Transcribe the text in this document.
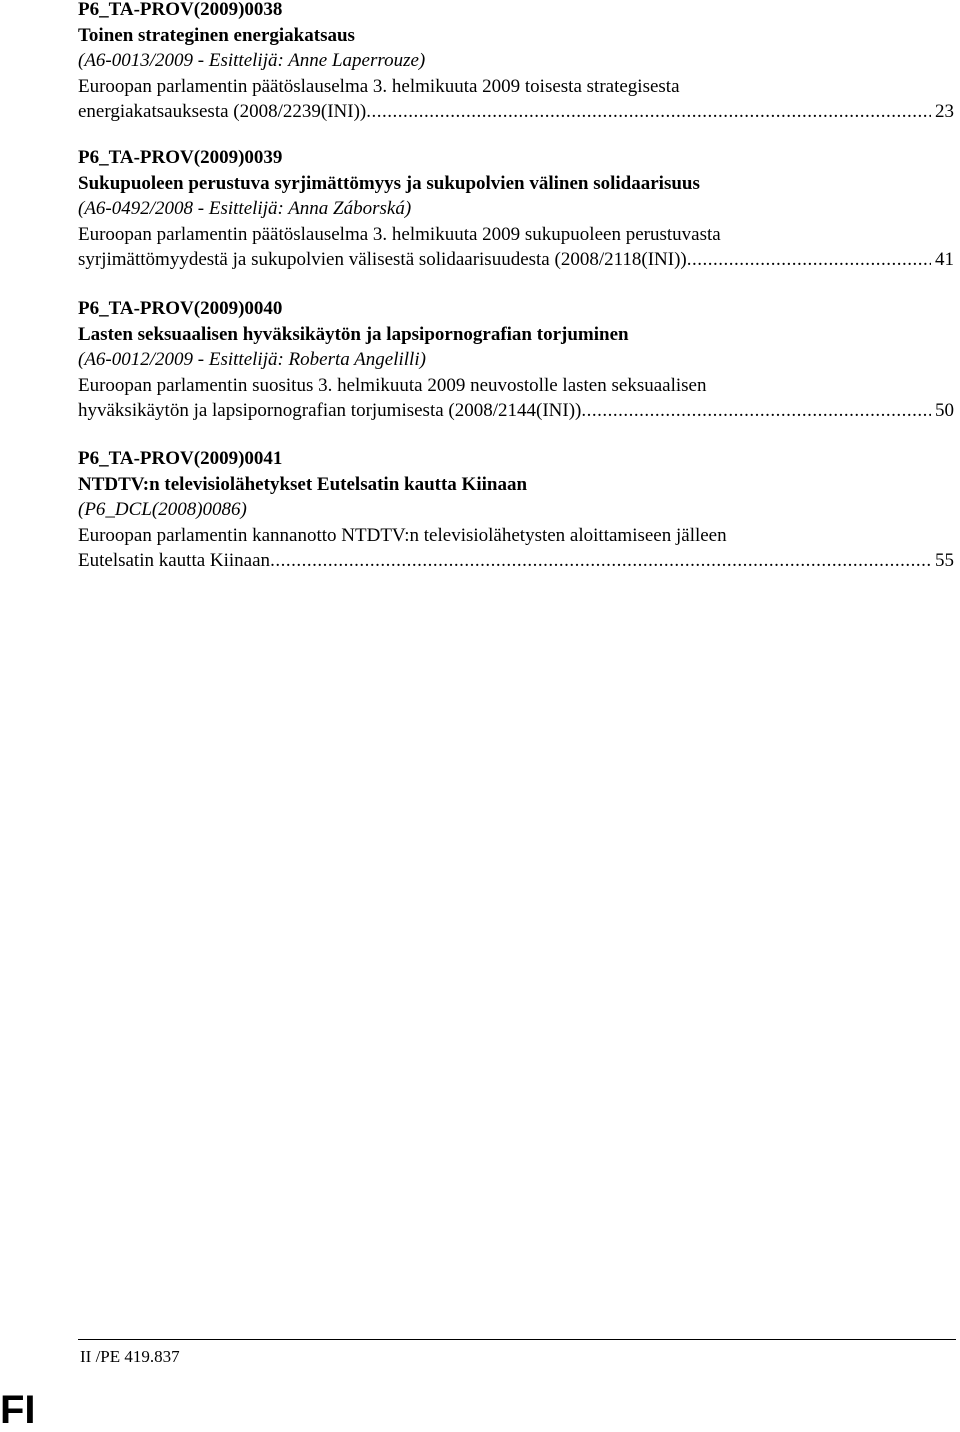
P6_TA-PROV(2009)0038
Toinen strateginen energiakatsaus
(A6-0013/2009 - Esittelijä: Anne Laperrouze)
Euroopan parlamentin päätöslauselma 3. helmikuuta 2009 toisesta strategisesta
energiakatsauksesta (2008/2239(INI)) .....	23
P6_TA-PROV(2009)0039
Sukupuoleen perustuva syrjimättömyys ja sukupolvien välinen solidaarisuus
(A6-0492/2008 - Esittelijä: Anna Záborská)
Euroopan parlamentin päätöslauselma 3. helmikuuta 2009 sukupuoleen perustuvasta
syrjimättömyydestä ja sukupolvien välisestä solidaarisuudesta (2008/2118(INI)) .....	41
P6_TA-PROV(2009)0040
Lasten seksuaalisen hyväksikäytön ja lapsipornografian torjuminen
(A6-0012/2009 - Esittelijä: Roberta Angelilli)
Euroopan parlamentin suositus 3. helmikuuta 2009 neuvostolle lasten seksuaalisen
hyväksikäytön ja lapsipornografian torjumisesta (2008/2144(INI)) .....	50
P6_TA-PROV(2009)0041
NTDTV:n televisiolähetykset Eutelsatin kautta Kiinaan
(P6_DCL(2008)0086)
Euroopan parlamentin kannanotto NTDTV:n televisiolähetysten aloittamiseen jälleen
Eutelsatin kautta Kiinaan .....	55
II /PE 419.837
FI
